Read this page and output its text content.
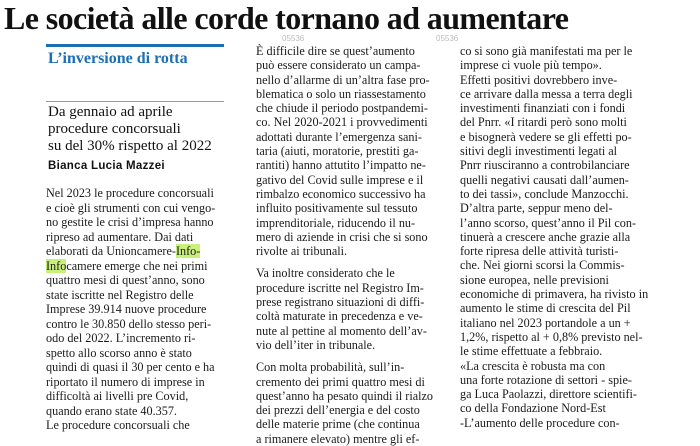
Le società alle corde tornano ad aumentare
L’inversione di rotta
Da gennaio ad aprile
procedure concorsuali
su del 30% rispetto al 2022
Bianca Lucia Mazzei
Nel 2023 le procedure concorsuali
e cioè gli strumenti con cui vengo-
no gestite le crisi d’impresa hanno
ripreso ad aumentare. Dai dati
elaborati da Unioncamere-Info-
Infocamere emerge che nei primi
quattro mesi di quest’anno, sono
state iscritte nel Registro delle
Imprese 39.914 nuove procedure
contro le 30.850 dello stesso peri-
odo del 2022. L’incremento ri-
spetto allo scorso anno è stato
quindi di quasi il 30 per cento e ha
riportato il numero di imprese in
difficoltà ai livelli pre Covid,
quando erano state 40.357.
Le procedure concorsuali che
05536	05536
È difficile dire se quest’aumento
può essere considerato un campa-
nello d’allarme di un’altra fase pro-
blematica o solo un riassestamento
che chiude il periodo postpandemi-
co. Nel 2020-2021 i provvedimenti
adottati durante l’emergenza sani-
taria (aiuti, moratorie, prestiti ga-
rantiti) hanno attutito l’impatto ne-
gativo del Covid sulle imprese e il
rimbalzo economico successivo ha
influito positivamente sul tessuto
imprenditoriale, riducendo il nu-
mero di aziende in crisi che si sono
rivolte ai tribunali.
Va inoltre considerato che le
procedure iscritte nel Registro Im-
prese registrano situazioni di diffi-
coltà maturate in precedenza e ve-
nute al pettine al momento dell’av-
vio dell’iter in tribunale.
Con molta probabilità, sull’in-
cremento dei primi quattro mesi di
quest’anno ha pesato quindi il rialzo
dei prezzi dell’energia e del costo
delle materie prime (che continua
a rimanere elevato) mentre gli ef-
co si sono già manifestati ma per le
imprese ci vuole più tempo».
Effetti positivi dovrebbero inve-
ce arrivare dalla messa a terra degli
investimenti finanziati con i fondi
del Pnrr. «I ritardi però sono molti
e bisognerà vedere se gli effetti po-
sitivi degli investimenti legati al
Pnrr riusciranno a controbilanciare
quelli negativi causati dall’aumen-
to dei tassi», conclude Manzocchi.
D’altra parte, seppur meno del-
l’anno scorso, quest’anno il Pil con-
tinuerà a crescere anche grazie alla
forte ripresa delle attività turisti-
che. Nei giorni scorsi la Commis-
sione europea, nelle previsioni
economiche di primavera, ha rivisto in
aumento le stime di crescita del Pil
italiano nel 2023 portandole a un +
1,2%, rispetto al + 0,8% previsto nel-
le stime effettuate a febbraio.
«La crescita è robusta ma con
una forte rotazione di settori - spie-
ga Luca Paolazzi, direttore scientifi-
co della Fondazione Nord-Est
-L’aumento delle procedure con-
